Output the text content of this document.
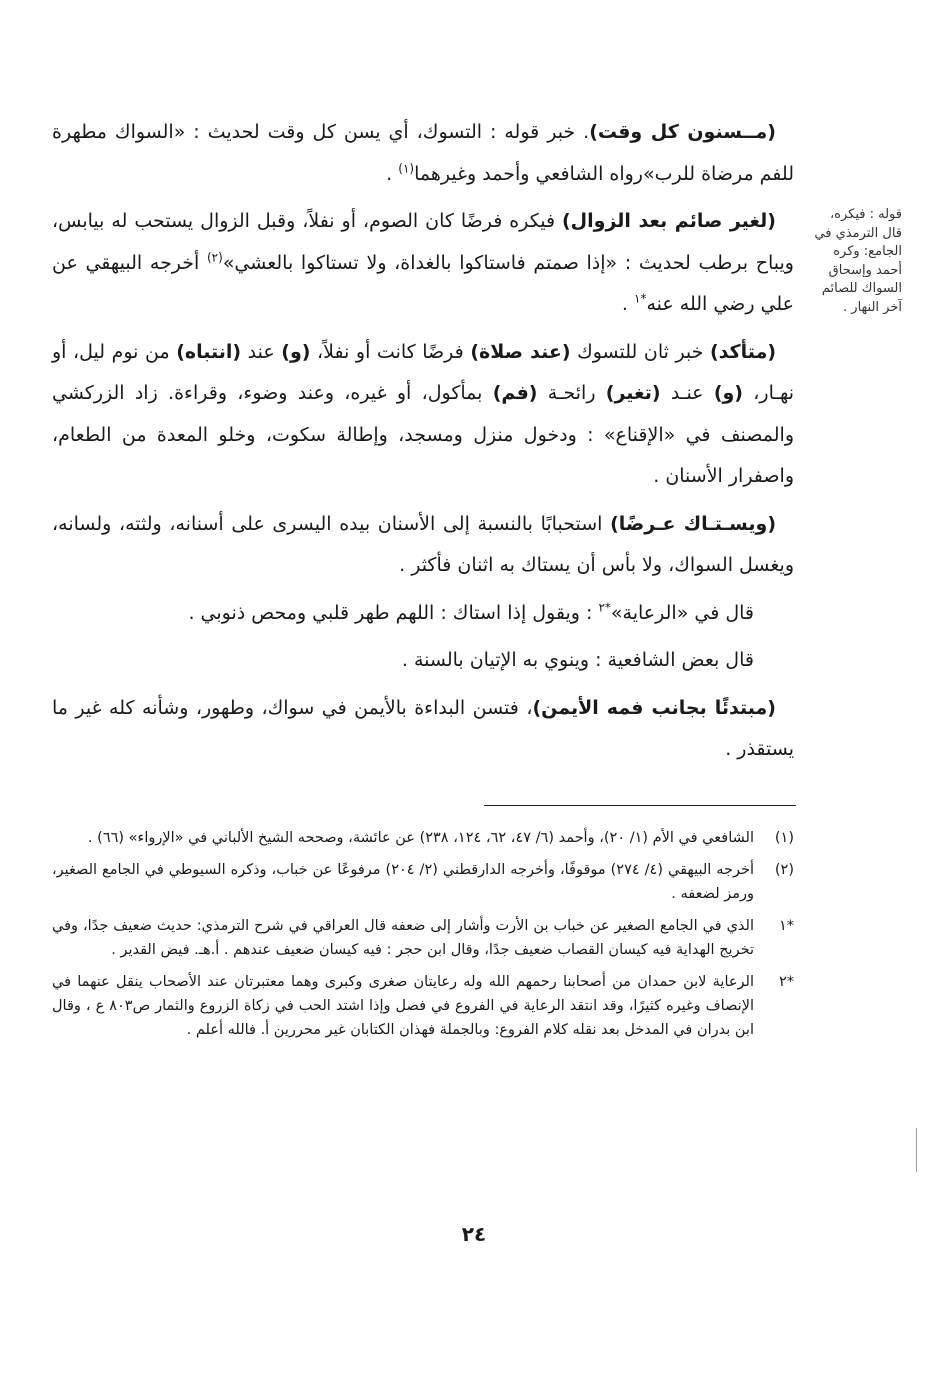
(مــسنون كل وقت). خبر قوله : التسوك، أي يسن كل وقت لحديث : «السواك مطهرة للفم مرضاة للرب»رواه الشافعي وأحمد وغيرهما$^{(١)}$ .

(لغير صائم بعد الزوال) فيكره فرضًا كان الصوم، أو نفلاً، وقبل الزوال يستحب له بيابس، ويباح برطب لحديث : «إذا صمتم فاستاكوا بالغداة، ولا تستاكوا بالعشي»$^{(٢)}$ أخرجه البيهقي عن علي رضي الله عنه$^{*١}$ .

(متأكد) خبر ثان للتسوك (عند صلاة) فرضًا كانت أو نفلاً، (و) عند (انتباه) من نوم ليل، أو نهـار، (و) عنـد (تغير) رائحـة (فم) بمأكول، أو غيره، وعند وضوء، وقراءة. زاد الزركشي والمصنف في «الإقناع» : ودخول منزل ومسجد، وإطالة سكوت، وخلو المعدة من الطعام، واصفرار الأسنان .

(ويسـتـاك عـرضًا) استحبابًا بالنسبة إلى الأسنان بيده اليسرى على أسنانه، ولثته، ولسانه، ويغسل السواك، ولا بأس أن يستاك به اثنان فأكثر .

قال في «الرعاية»$^{*٢}$ : ويقول إذا استاك : اللهم طهر قلبي ومحص ذنوبي .

قال بعض الشافعية : وينوي به الإتيان بالسنة .

(مبتدئًا بجانب فمه الأيمن)، فتسن البداءة بالأيمن في سواك، وطهور، وشأنه كله غير ما يستقذر .

قوله : فيكره، قال الترمذي في الجامع: وكره أحمد وإسحاق السواك للصائم آخر النهار .
(١)
الشافعي في الأم (١/ ٢٠)، وأحمد (٦/ ٤٧، ٦٢، ١٢٤، ٢٣٨) عن عائشة، وصححه الشيخ الألباني في «الإرواء» (٦٦) .
(٢)
أخرجه البيهقي (٤/ ٢٧٤) موقوفًا، وأخرجه الدارقطني (٢/ ٢٠٤) مرفوعًا عن خباب، وذكره السيوطي في الجامع الصغير، ورمز لضعفه .
*١
الذي في الجامع الصغير عن خباب بن الأرت وأشار إلى ضعفه قال العراقي في شرح الترمذي: حديث ضعيف جدًا، وفي تخريج الهداية فيه كيسان القصاب ضعيف جدًا، وقال ابن حجر : فيه كيسان ضعيف عندهم . أ.هـ. فيض القدير .
*٢
الرعاية لابن حمدان من أصحابنا رحمهم الله وله رعايتان صغرى وكبرى وهما معتبرتان عند الأصحاب ينقل عنهما في الإنصاف وغيره كثيرًا، وقد انتقد الرعاية في الفروع في فصل وإذا اشتد الحب في زكاة الزروع والثمار ص٨٠٣ ع ، وقال ابن بدران في المدخل بعد نقله كلام الفروع: وبالجملة فهذان الكتابان غير محررين أ. فالله أعلم .
٢٤
